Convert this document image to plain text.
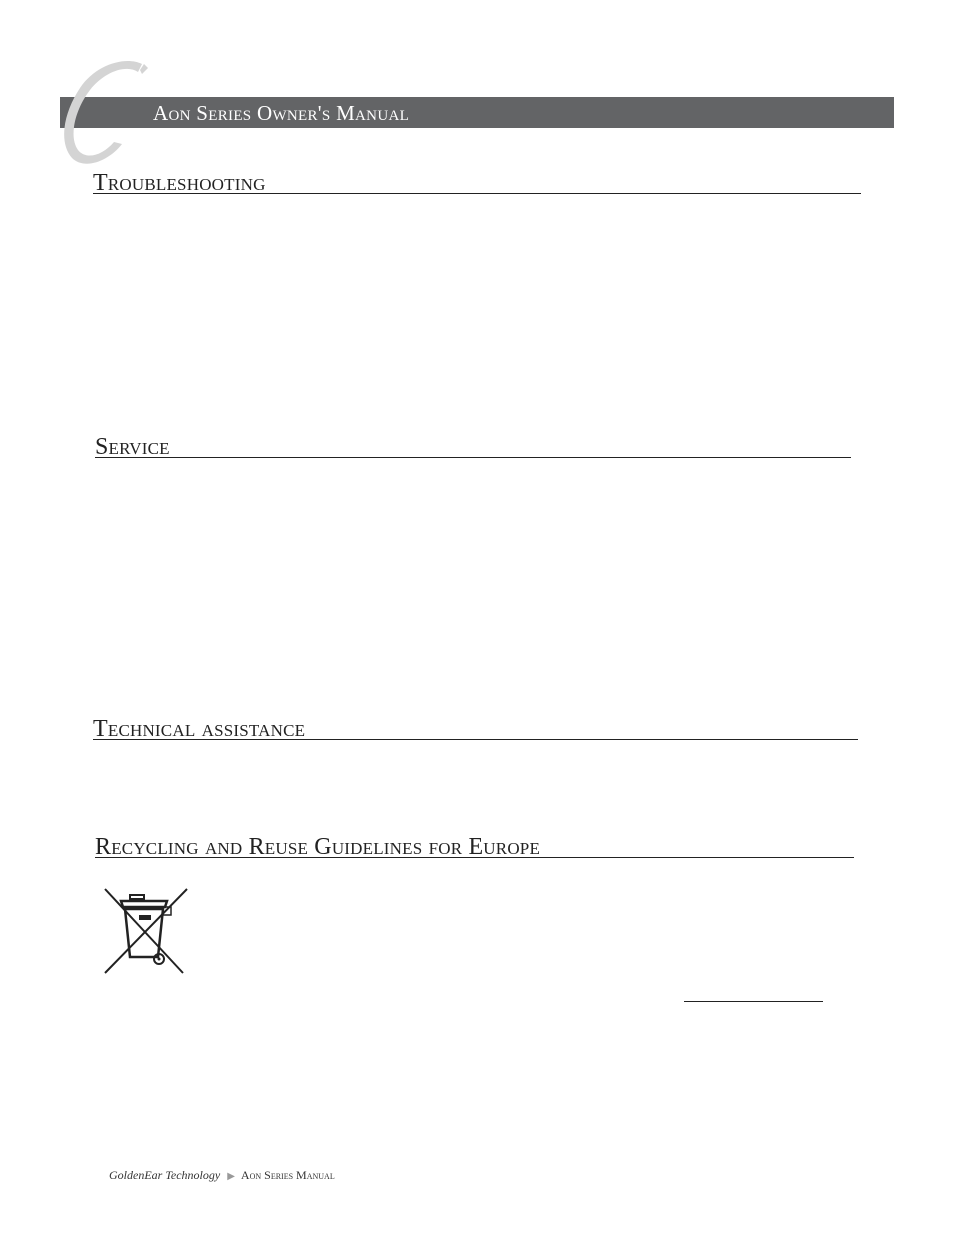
Aon Series Owner's Manual
Troubleshooting
Service
Technical assistance
Recycling and Reuse Guidelines for Europe
GoldenEar Technology ▶ Aon Series Manual
